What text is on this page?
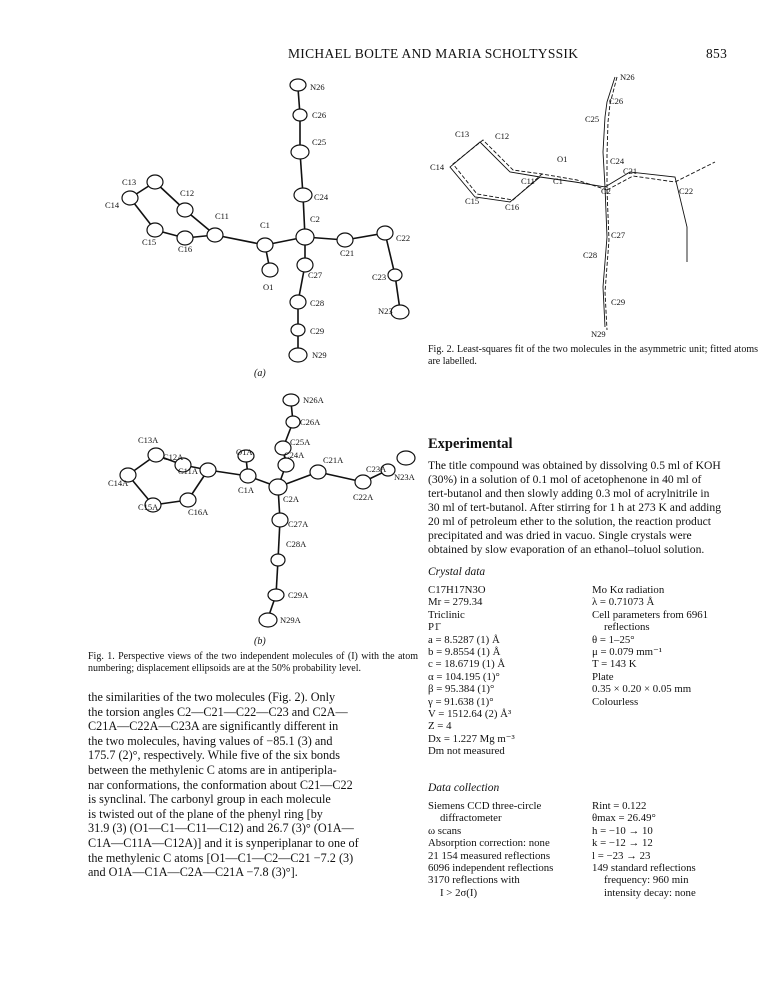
MICHAEL BOLTE AND MARIA SCHOLTYSSIK	853
N26
C26
C25
C24
C13
C12
C11
C14
C15
C16
C1
O1
C2
C21
C22
C27	C23
C28
N23
C29
N29
(a)
N26A
C26A
C25A
C13A
C24A
C12A	O1A
C21A
C11A
N23A
C23A
C14A
C1A
C22A
C2A
C15A	C16A
C27A
C28A
C29A
N29A
(b)
Fig. 1. Perspective views of the two independent molecules of (I) with the atom numbering; displacement ellipsoids are at the 50% probability level.
N26
C26
C25
C13	C12
O1
C14
C24
C21
C11 C1
C2	C22
C15
C16
C27
C28
C29
N29
Fig. 2. Least-squares fit of the two molecules in the asymmetric unit; fitted atoms are labelled.
the similarities of the two molecules (Fig. 2). Only
the torsion angles C2—C21—C22—C23 and C2A—
C21A—C22A—C23A are significantly different in
the two molecules, having values of −85.1 (3) and
175.7 (2)°, respectively. While five of the six bonds
between the methylenic C atoms are in antiperipla-
nar conformations, the conformation about C21—C22
is synclinal. The carbonyl group in each molecule
is twisted out of the plane of the phenyl ring [by
31.9 (3) (O1—C1—C11—C12) and 26.7 (3)° (O1A—
C1A—C11A—C12A)] and it is synperiplanar to one of
the methylenic C atoms [O1—C1—C2—C21 −7.2 (3)
and O1A—C1A—C2A—C21A −7.8 (3)°].
Experimental
The title compound was obtained by dissolving 0.5 ml of KOH
(30%) in a solution of 0.1 mol of acetophenone in 40 ml of
tert-butanol and then slowly adding 0.3 mol of acrylnitrile in
30 ml of tert-butanol. After stirring for 1 h at 273 K and adding
20 ml of petroleum ether to the solution, the reaction product
precipitated and was dried in vacuo. Single crystals were
obtained by slow evaporation of an ethanol–toluol solution.
Crystal data
C17H17N3O
Mr = 279.34
Triclinic
P1̄
a = 8.5287 (1) Å
b = 9.8554 (1) Å
c = 18.6719 (1) Å
α = 104.195 (1)°
β = 95.384 (1)°
γ = 91.638 (1)°
V = 1512.64 (2) Å³
Z = 4
Dx = 1.227 Mg m⁻³
Dm not measured
Mo Kα radiation
λ = 0.71073 Å
Cell parameters from 6961
reflections
θ = 1–25°
μ = 0.079 mm⁻¹
T = 143 K
Plate
0.35 × 0.20 × 0.05 mm
Colourless
Data collection
Siemens CCD three-circle
diffractometer
ω scans
Absorption correction: none
21 154 measured reflections
6096 independent reflections
3170 reflections with
I > 2σ(I)
Rint = 0.122
θmax = 26.49°
h = −10 → 10
k = −12 → 12
l = −23 → 23
149 standard reflections
frequency: 960 min
intensity decay: none
